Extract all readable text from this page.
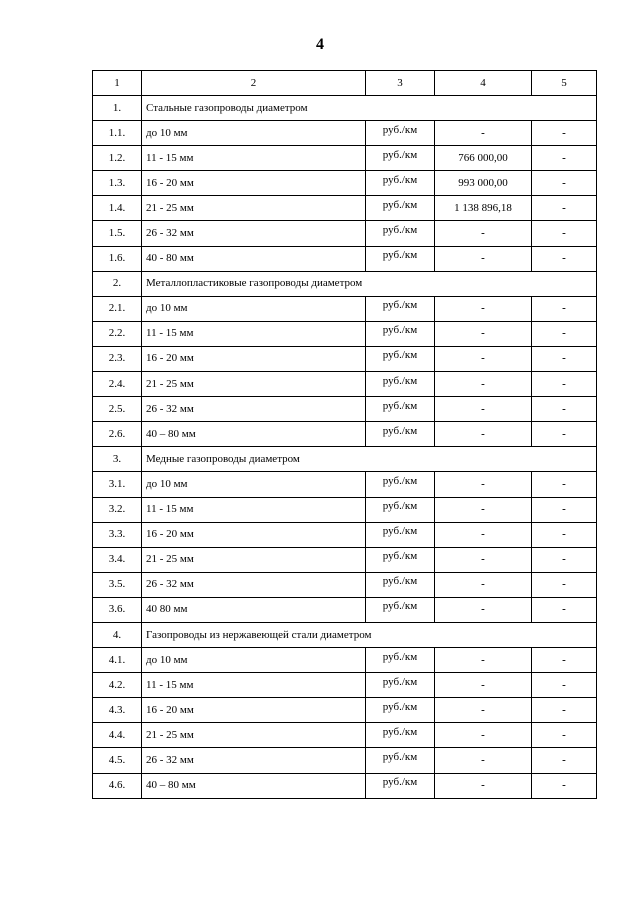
4
1	2	3	4	5
1.	Стальные газопроводы диаметром			
1.1.	до 10 мм	руб./км	-	-
1.2.	11 - 15 мм	руб./км	766 000,00	-
1.3.	16 - 20 мм	руб./км	993 000,00	-
1.4.	21 - 25 мм	руб./км	1 138 896,18	-
1.5.	26 - 32 мм	руб./км	-	-
1.6.	40 - 80 мм	руб./км	-	-
2.	Металлопластиковые газопроводы диаметром			
2.1.	до 10 мм	руб./км	-	-
2.2.	11 - 15 мм	руб./км	-	-
2.3.	16 - 20 мм	руб./км	-	-
2.4.	21 - 25 мм	руб./км	-	-
2.5.	26 - 32 мм	руб./км	-	-
2.6.	40 – 80 мм	руб./км	-	-
3.	Медные газопроводы диаметром			
3.1.	до 10 мм	руб./км	-	-
3.2.	11 - 15 мм	руб./км	-	-
3.3.	16 - 20 мм	руб./км	-	-
3.4.	21 - 25 мм	руб./км	-	-
3.5.	26 - 32 мм	руб./км	-	-
3.6.	40 80 мм	руб./км	-	-
4.	Газопроводы из нержавеющей стали диаметром			
4.1.	до 10 мм	руб./км	-	-
4.2.	11 - 15 мм	руб./км	-	-
4.3.	16 - 20 мм	руб./км	-	-
4.4.	21 - 25 мм	руб./км	-	-
4.5.	26 - 32 мм	руб./км	-	-
4.6.	40 – 80 мм	руб./км	-	-
